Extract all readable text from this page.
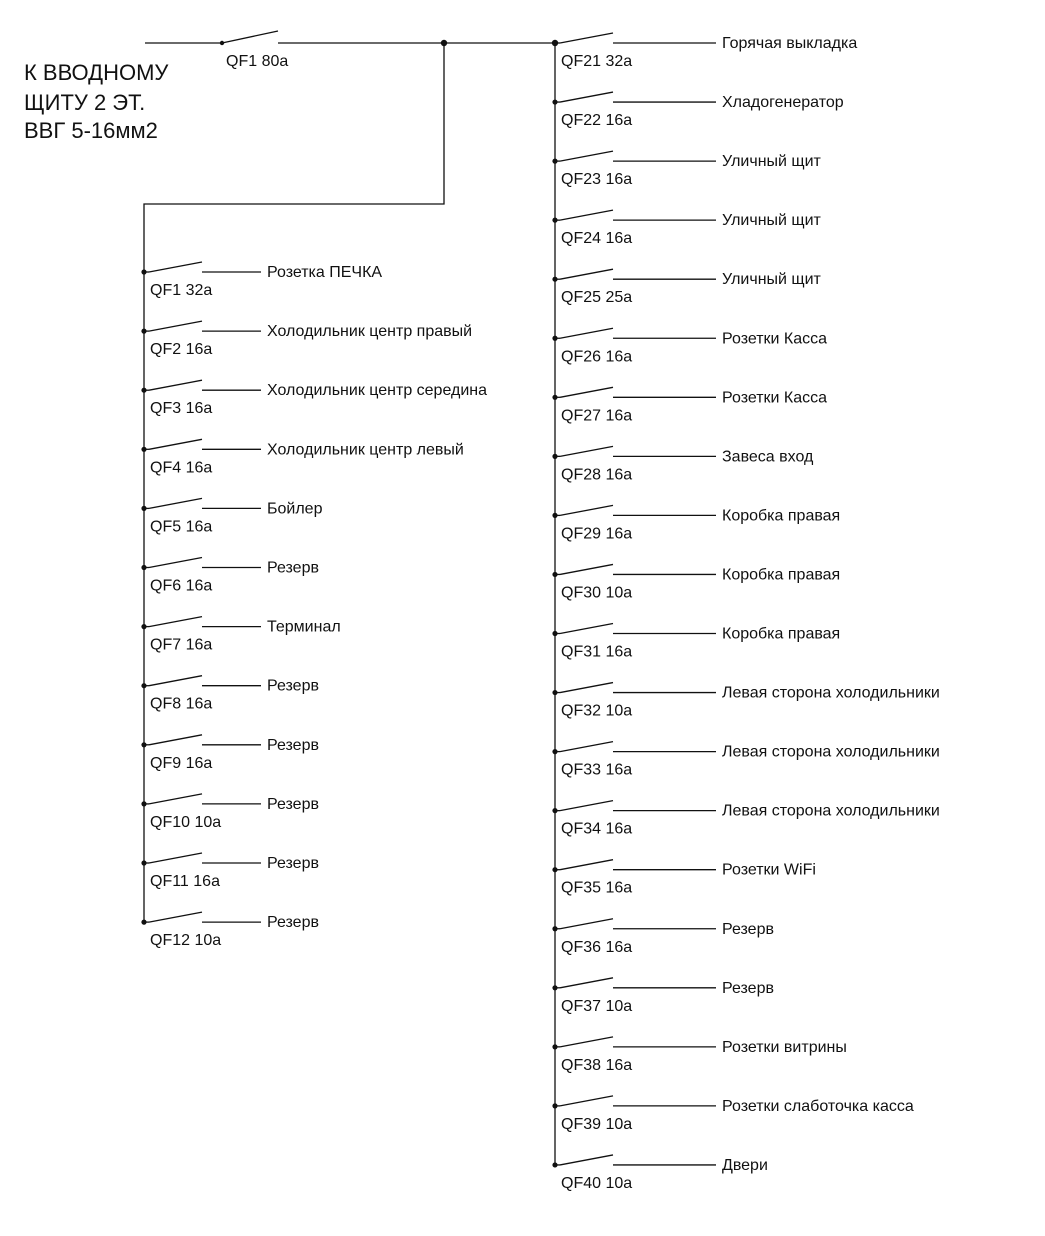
К ВВОДНОМУ
ЩИТУ 2 ЭТ.
ВВГ 5-16мм2
QF1 80a
QF1 32a
Розетка ПЕЧКА
QF2 16a
Холодильник центр правый
QF3 16a
Холодильник центр середина
QF4 16a
Холодильник центр левый
QF5 16a
Бойлер
QF6 16a
Резерв
QF7 16a
Терминал
QF8 16a
Резерв
QF9 16a
Резерв
QF10 10a
Резерв
QF11 16a
Резерв
QF12 10a
Резерв
QF21 32a
Горячая выкладка
QF22 16a
Хладогенератор
QF23 16a
Уличный щит
QF24 16a
Уличный щит
QF25 25a
Уличный щит
QF26 16a
Розетки Касса
QF27 16a
Розетки Касса
QF28 16a
Завеса вход
QF29 16a
Коробка правая
QF30 10a
Коробка правая
QF31 16a
Коробка правая
QF32 10a
Левая сторона холодильники
QF33 16a
Левая сторона холодильники
QF34 16a
Левая сторона холодильники
QF35 16a
Розетки WiFi
QF36 16a
Резерв
QF37 10a
Резерв
QF38 16a
Розетки витрины
QF39 10a
Розетки слаботочка касса
QF40 10a
Двери
